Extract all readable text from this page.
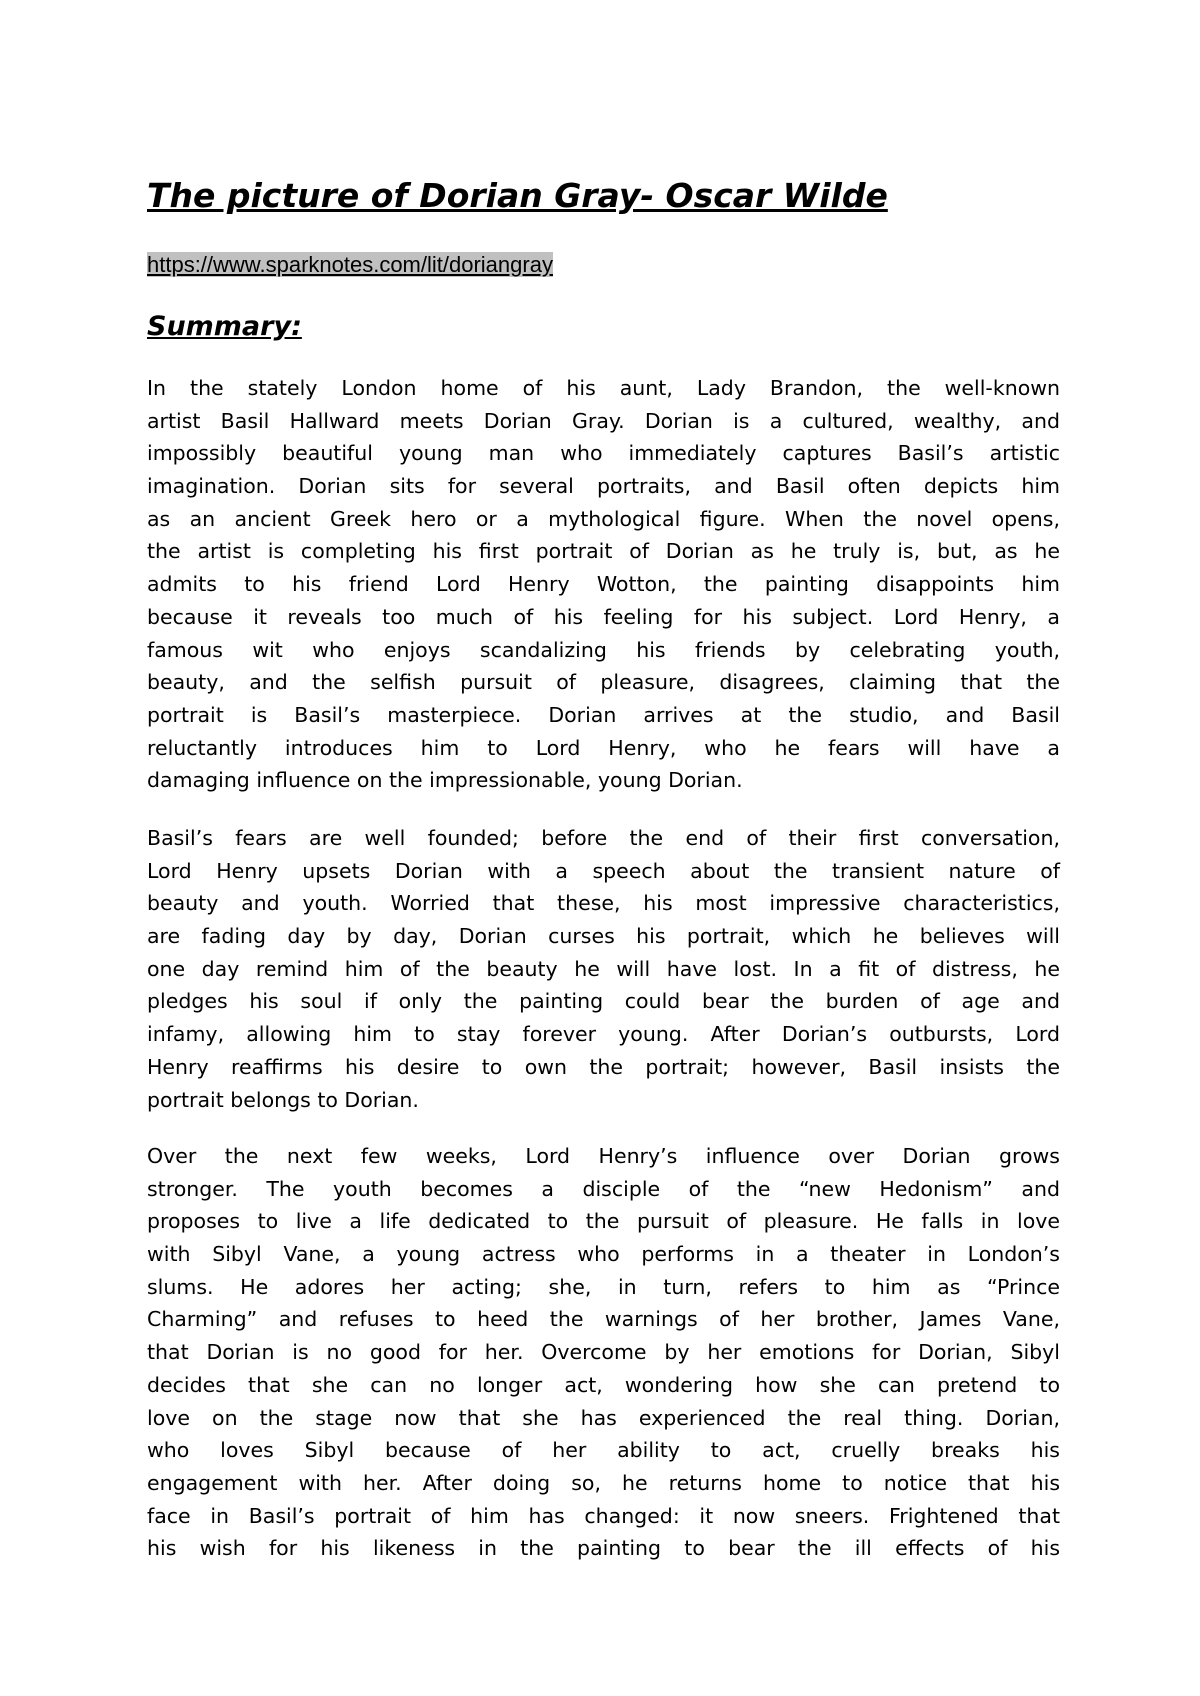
The picture of Dorian Gray- Oscar Wilde
https://www.sparknotes.com/lit/doriangray
Summary:
In the stately London home of his aunt, Lady Brandon, the well-known
artist Basil Hallward meets Dorian Gray. Dorian is a cultured, wealthy, and
impossibly beautiful young man who immediately captures Basil’s artistic
imagination. Dorian sits for several portraits, and Basil often depicts him
as an ancient Greek hero or a mythological figure. When the novel opens,
the artist is completing his first portrait of Dorian as he truly is, but, as he
admits to his friend Lord Henry Wotton, the painting disappoints him
because it reveals too much of his feeling for his subject. Lord Henry, a
famous wit who enjoys scandalizing his friends by celebrating youth,
beauty, and the selfish pursuit of pleasure, disagrees, claiming that the
portrait is Basil’s masterpiece. Dorian arrives at the studio, and Basil
reluctantly introduces him to Lord Henry, who he fears will have a
damaging influence on the impressionable, young Dorian.
Basil’s fears are well founded; before the end of their first conversation,
Lord Henry upsets Dorian with a speech about the transient nature of
beauty and youth. Worried that these, his most impressive characteristics,
are fading day by day, Dorian curses his portrait, which he believes will
one day remind him of the beauty he will have lost. In a fit of distress, he
pledges his soul if only the painting could bear the burden of age and
infamy, allowing him to stay forever young. After Dorian’s outbursts, Lord
Henry reaffirms his desire to own the portrait; however, Basil insists the
portrait belongs to Dorian.
Over the next few weeks, Lord Henry’s influence over Dorian grows
stronger. The youth becomes a disciple of the “new Hedonism” and
proposes to live a life dedicated to the pursuit of pleasure. He falls in love
with Sibyl Vane, a young actress who performs in a theater in London’s
slums. He adores her acting; she, in turn, refers to him as “Prince
Charming” and refuses to heed the warnings of her brother, James Vane,
that Dorian is no good for her. Overcome by her emotions for Dorian, Sibyl
decides that she can no longer act, wondering how she can pretend to
love on the stage now that she has experienced the real thing. Dorian,
who loves Sibyl because of her ability to act, cruelly breaks his
engagement with her. After doing so, he returns home to notice that his
face in Basil’s portrait of him has changed: it now sneers. Frightened that
his wish for his likeness in the painting to bear the ill effects of his
